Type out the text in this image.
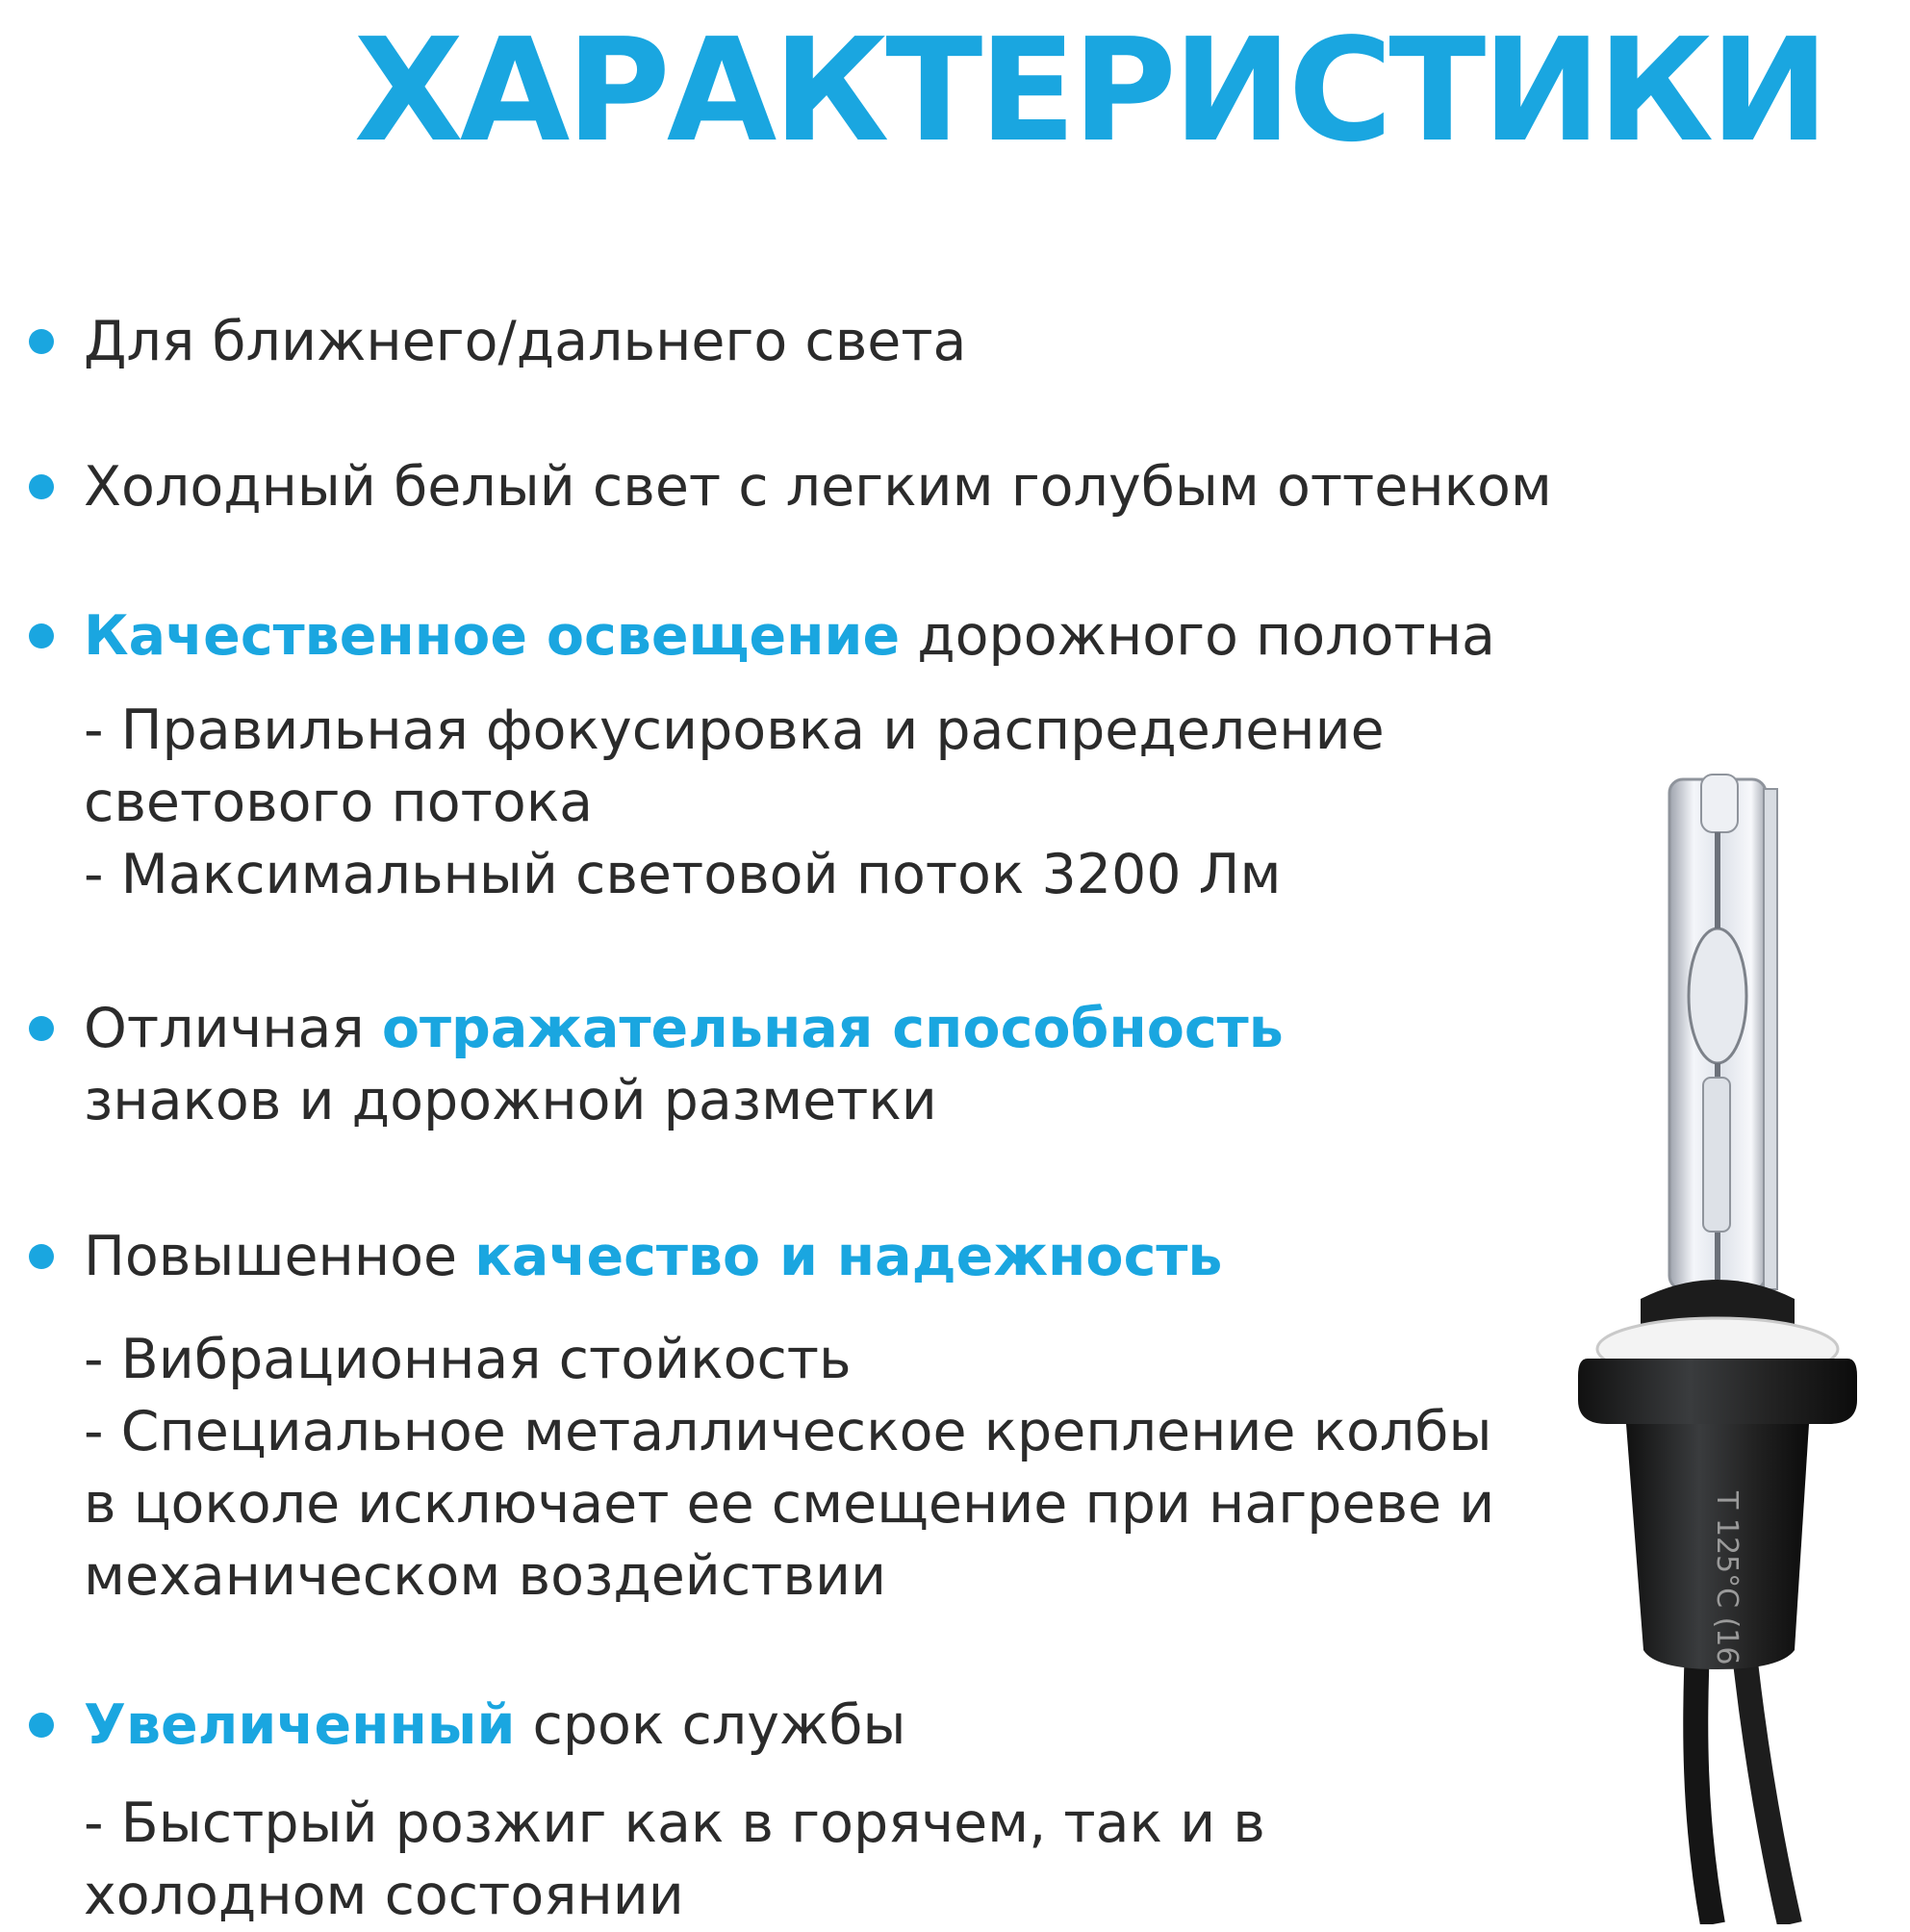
ХАРАКТЕРИСТИКИ
Для ближнего/дальнего света
Холодный белый свет с легким голубым оттенком
Качественное освещение дорожного полотна
- Правильная фокусировка и распределение
светового потока
- Максимальный световой поток 3200 Лм
Отличная отражательная способность
знаков и дорожной разметки
Повышенное качество и надежность
- Вибрационная стойкость
- Специальное металлическое крепление колбы
в цоколе исключает ее смещение при нагреве и
механическом воздействии
Увеличенный срок службы
- Быстрый розжиг как в горячем, так и в
холодном состоянии
T 125°C (16
